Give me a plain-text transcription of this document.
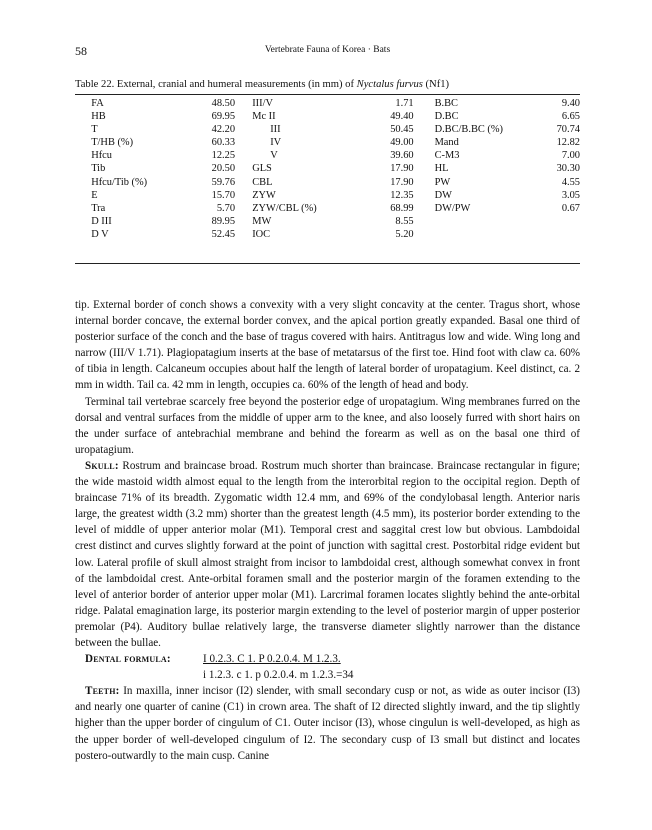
58	Vertebrate Fauna of Korea · Bats
Table 22. External, cranial and humeral measurements (in mm) of Nyctalus furvus (Nf1)
	FA	48.50		III/V	1.71		B.BC	9.40
	HB	69.95		Mc II	49.40		D.BC	6.65
	T	42.20		III	50.45		D.BC/B.BC (%)	70.74
	T/HB (%)	60.33		IV	49.00		Mand	12.82
	Hfcu	12.25		V	39.60		C-M3	7.00
	Tib	20.50		GLS	17.90		HL	30.30
	Hfcu/Tib (%)	59.76		CBL	17.90		PW	4.55
	E	15.70		ZYW	12.35		DW	3.05
	Tra	5.70		ZYW/CBL (%)	68.99		DW/PW	0.67
	D III	89.95		MW	8.55			
	D V	52.45		IOC	5.20			

tip. External border of conch shows a convexity with a very slight concavity at the center. Tragus short, whose internal border concave, the external border convex, and the apical portion greatly expanded. Basal one third of posterior surface of the conch and the base of tragus covered with hairs. Antitragus low and wide. Wing long and narrow (III/V 1.71). Plagiopatagium inserts at the base of metatarsus of the first toe. Hind foot with claw ca. 60% of tibia in length. Calcaneum occupies about half the length of lateral border of uropatagium. Keel distinct, ca. 2 mm in width. Tail ca. 42 mm in length, occupies ca. 60% of the length of head and body.

Terminal tail vertebrae scarcely free beyond the posterior edge of uropatagium. Wing membranes furred on the dorsal and ventral surfaces from the middle of upper arm to the knee, and also loosely furred with short hairs on the under surface of antebrachial membrane and behind the forearm as well as on the basal one third of uropatagium.

Skull: Rostrum and braincase broad. Rostrum much shorter than braincase. Braincase rectangular in figure; the wide mastoid width almost equal to the length from the interorbital region to the occipital region. Depth of braincase 71% of its breadth. Zygomatic width 12.4 mm, and 69% of the condylobasal length. Anterior naris large, the greatest width (3.2 mm) shorter than the greatest length (4.5 mm), its posterior border extending to the level of middle of upper anterior molar (M1). Temporal crest and saggital crest low but obvious. Lambdoidal crest distinct and curves slightly forward at the point of junction with sagittal crest. Postorbital ridge evident but low. Lateral profile of skull almost straight from incisor to lambdoidal crest, although somewhat convex in front of the lambdoidal crest. Ante-orbital foramen small and the posterior margin of the foramen extending to the level of anterior border of anterior upper molar (M1). Larcrimal foramen locates slightly behind the ante-orbital ridge. Palatal emagination large, its posterior margin extending to the level of posterior margin of upper posterior premolar (P4). Auditory bullae relatively large, the transverse diameter slightly narrower than the distance between the bullae.

Dental formula:	I 0.2.3. C 1. P 0.2.0.4. M 1.2.3.
i 1.2.3. c 1. p 0.2.0.4. m 1.2.3.=34

Teeth: In maxilla, inner incisor (I2) slender, with small secondary cusp or not, as wide as outer incisor (I3) and nearly one quarter of canine (C1) in crown area. The shaft of I2 directed slightly inward, and the tip slightly higher than the upper border of cingulum of C1. Outer incisor (I3), whose cingulun is well-developed, as high as the upper border of well-developed cingulum of I2. The secondary cusp of I3 small but distinct and locates postero-outwardly to the main cusp. Canine
